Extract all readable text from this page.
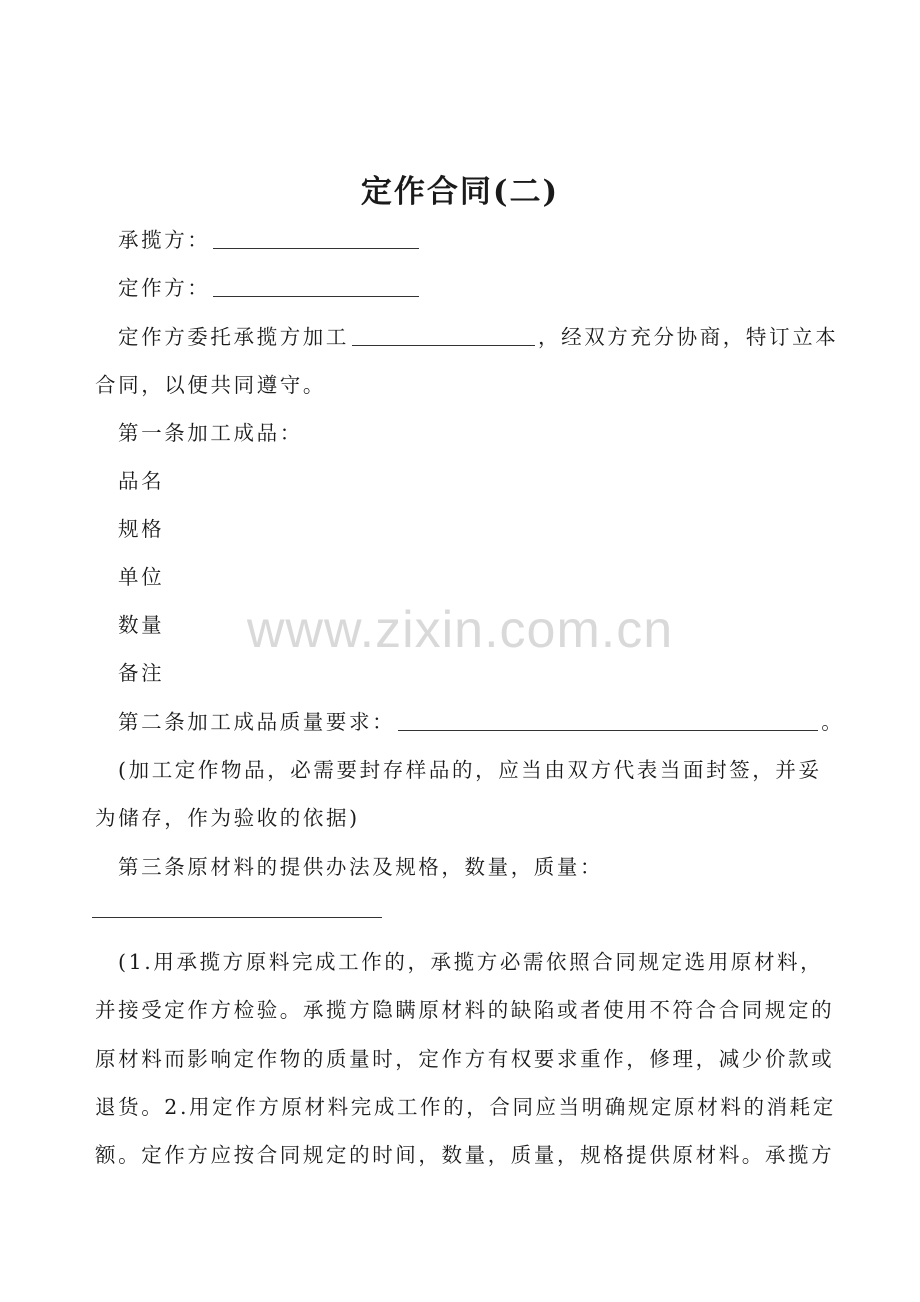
www.zixin.com.cn
定作合同(二)
承揽方：
定作方：
定作方委托承揽方加工	，经双方充分协商，特订立本
合同，以便共同遵守。
第一条加工成品：
品名
规格
单位
数量
备注
第二条加工成品质量要求：	。
(加工定作物品，必需要封存样品的，应当由双方代表当面封签，并妥
为储存，作为验收的依据)
第三条原材料的提供办法及规格，数量，质量：
(1.用承揽方原料完成工作的，承揽方必需依照合同规定选用原材料，
并接受定作方检验。承揽方隐瞒原材料的缺陷或者使用不符合合同规定的
原材料而影响定作物的质量时，定作方有权要求重作，修理，减少价款或
退货。2.用定作方原材料完成工作的，合同应当明确规定原材料的消耗定
额。定作方应按合同规定的时间，数量，质量，规格提供原材料。承揽方
